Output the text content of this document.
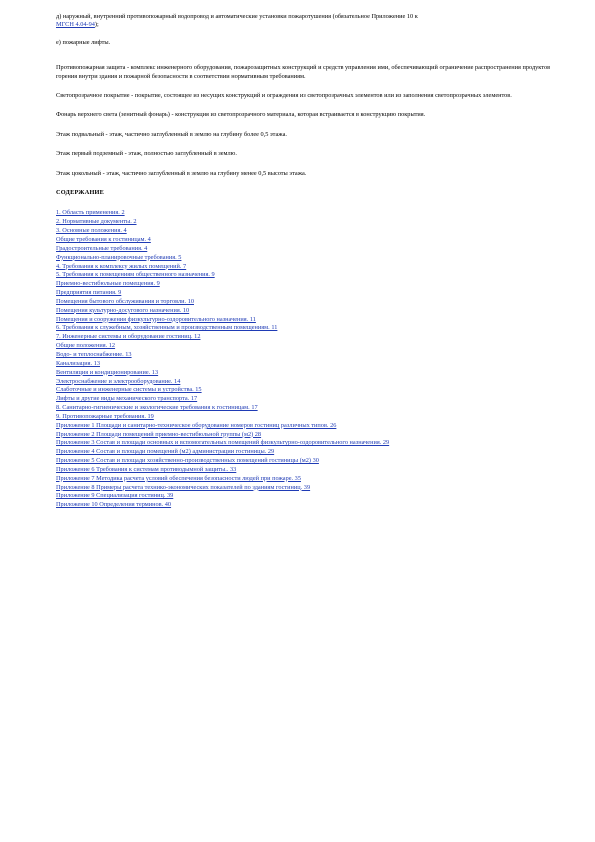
д) наружный, внутренний противопожарный водопровод и автоматические установки пожаротушения (обязательное Приложение 10 к
МГСН 4.04-94);

е) пожарные лифты.

Противопожарная защита - комплекс инженерного оборудования, пожарозащитных конструкций и средств управления ими, обеспечивающий ограничение распространения продуктов горения внутри здания и пожарной безопасности в соответствии нормативным требованиям.

Светопрозрачное покрытие - покрытие, состоящее из несущих конструкций и ограждения из светопрозрачных элементов или из заполнения светопрозрачных элементов.

Фонарь верхнего света (зенитный фонарь) - конструкция из светопрозрачного материала, которая встраивается в конструкцию покрытия.

Этаж подвальный - этаж, частично заглубленный в землю на глубину более 0,5 этажа.

Этаж первый подземный - этаж, полностью заглубленный в землю.

Этаж цокольный - этаж, частично заглубленный в землю на глубину менее 0,5 высоты этажа.

СОДЕРЖАНИЕ
1. Область применения. 2
2. Нормативные документы. 2
3. Основные положения. 4
Общие требования к гостиницам. 4
Градостроительные требования. 4
Функционально-планировочные требования. 5
4. Требования к комплексу жилых помещений. 7
5. Требования к помещениям общественного назначения. 9
Приемно-вестибюльные помещения. 9
Предприятия питания. 9
Помещения бытового обслуживания и торговли. 10
Помещения культурно-досугового назначения. 10
Помещения и сооружения физкультурно-оздоровительного назначения. 11
6. Требования к служебным, хозяйственным и производственным помещениям. 11
7. Инженерные системы и оборудование гостиниц. 12
Общие положения. 12
Водо- и теплоснабжение. 13
Канализация. 13
Вентиляция и кондиционирование. 13
Электроснабжение и электрооборудование. 14
Слаботочные и инженерные системы и устройства. 15
Лифты и другие виды механического транспорта. 17
8. Санитарно-гигиенические и экологические требования к гостиницам. 17
9. Противопожарные требования. 19
Приложение 1 Площади и санитарно-техническое оборудование номеров гостиниц различных типов. 26
Приложение 2 Площади помещений приемно-вестибюльной группы (м2) 28
Приложение 3 Состав и площади основных и вспомогательных помещений физкультурно-оздоровительного назначения. 29
Приложение 4 Состав и площади помещений (м2) администрации гостиницы. 29
Приложение 5 Состав и площади хозяйственно-производственных помещений гостиницы (м2) 30
Приложение 6 Требования к системам противодымной защиты.. 33
Приложение 7 Методика расчета условий обеспечения безопасности людей при пожаре. 35
Приложение 8 Примеры расчета технико-экономических показателей по зданиям гостиниц. 39
Приложение 9 Специализация гостиниц. 39
Приложение 10 Определения терминов. 40
